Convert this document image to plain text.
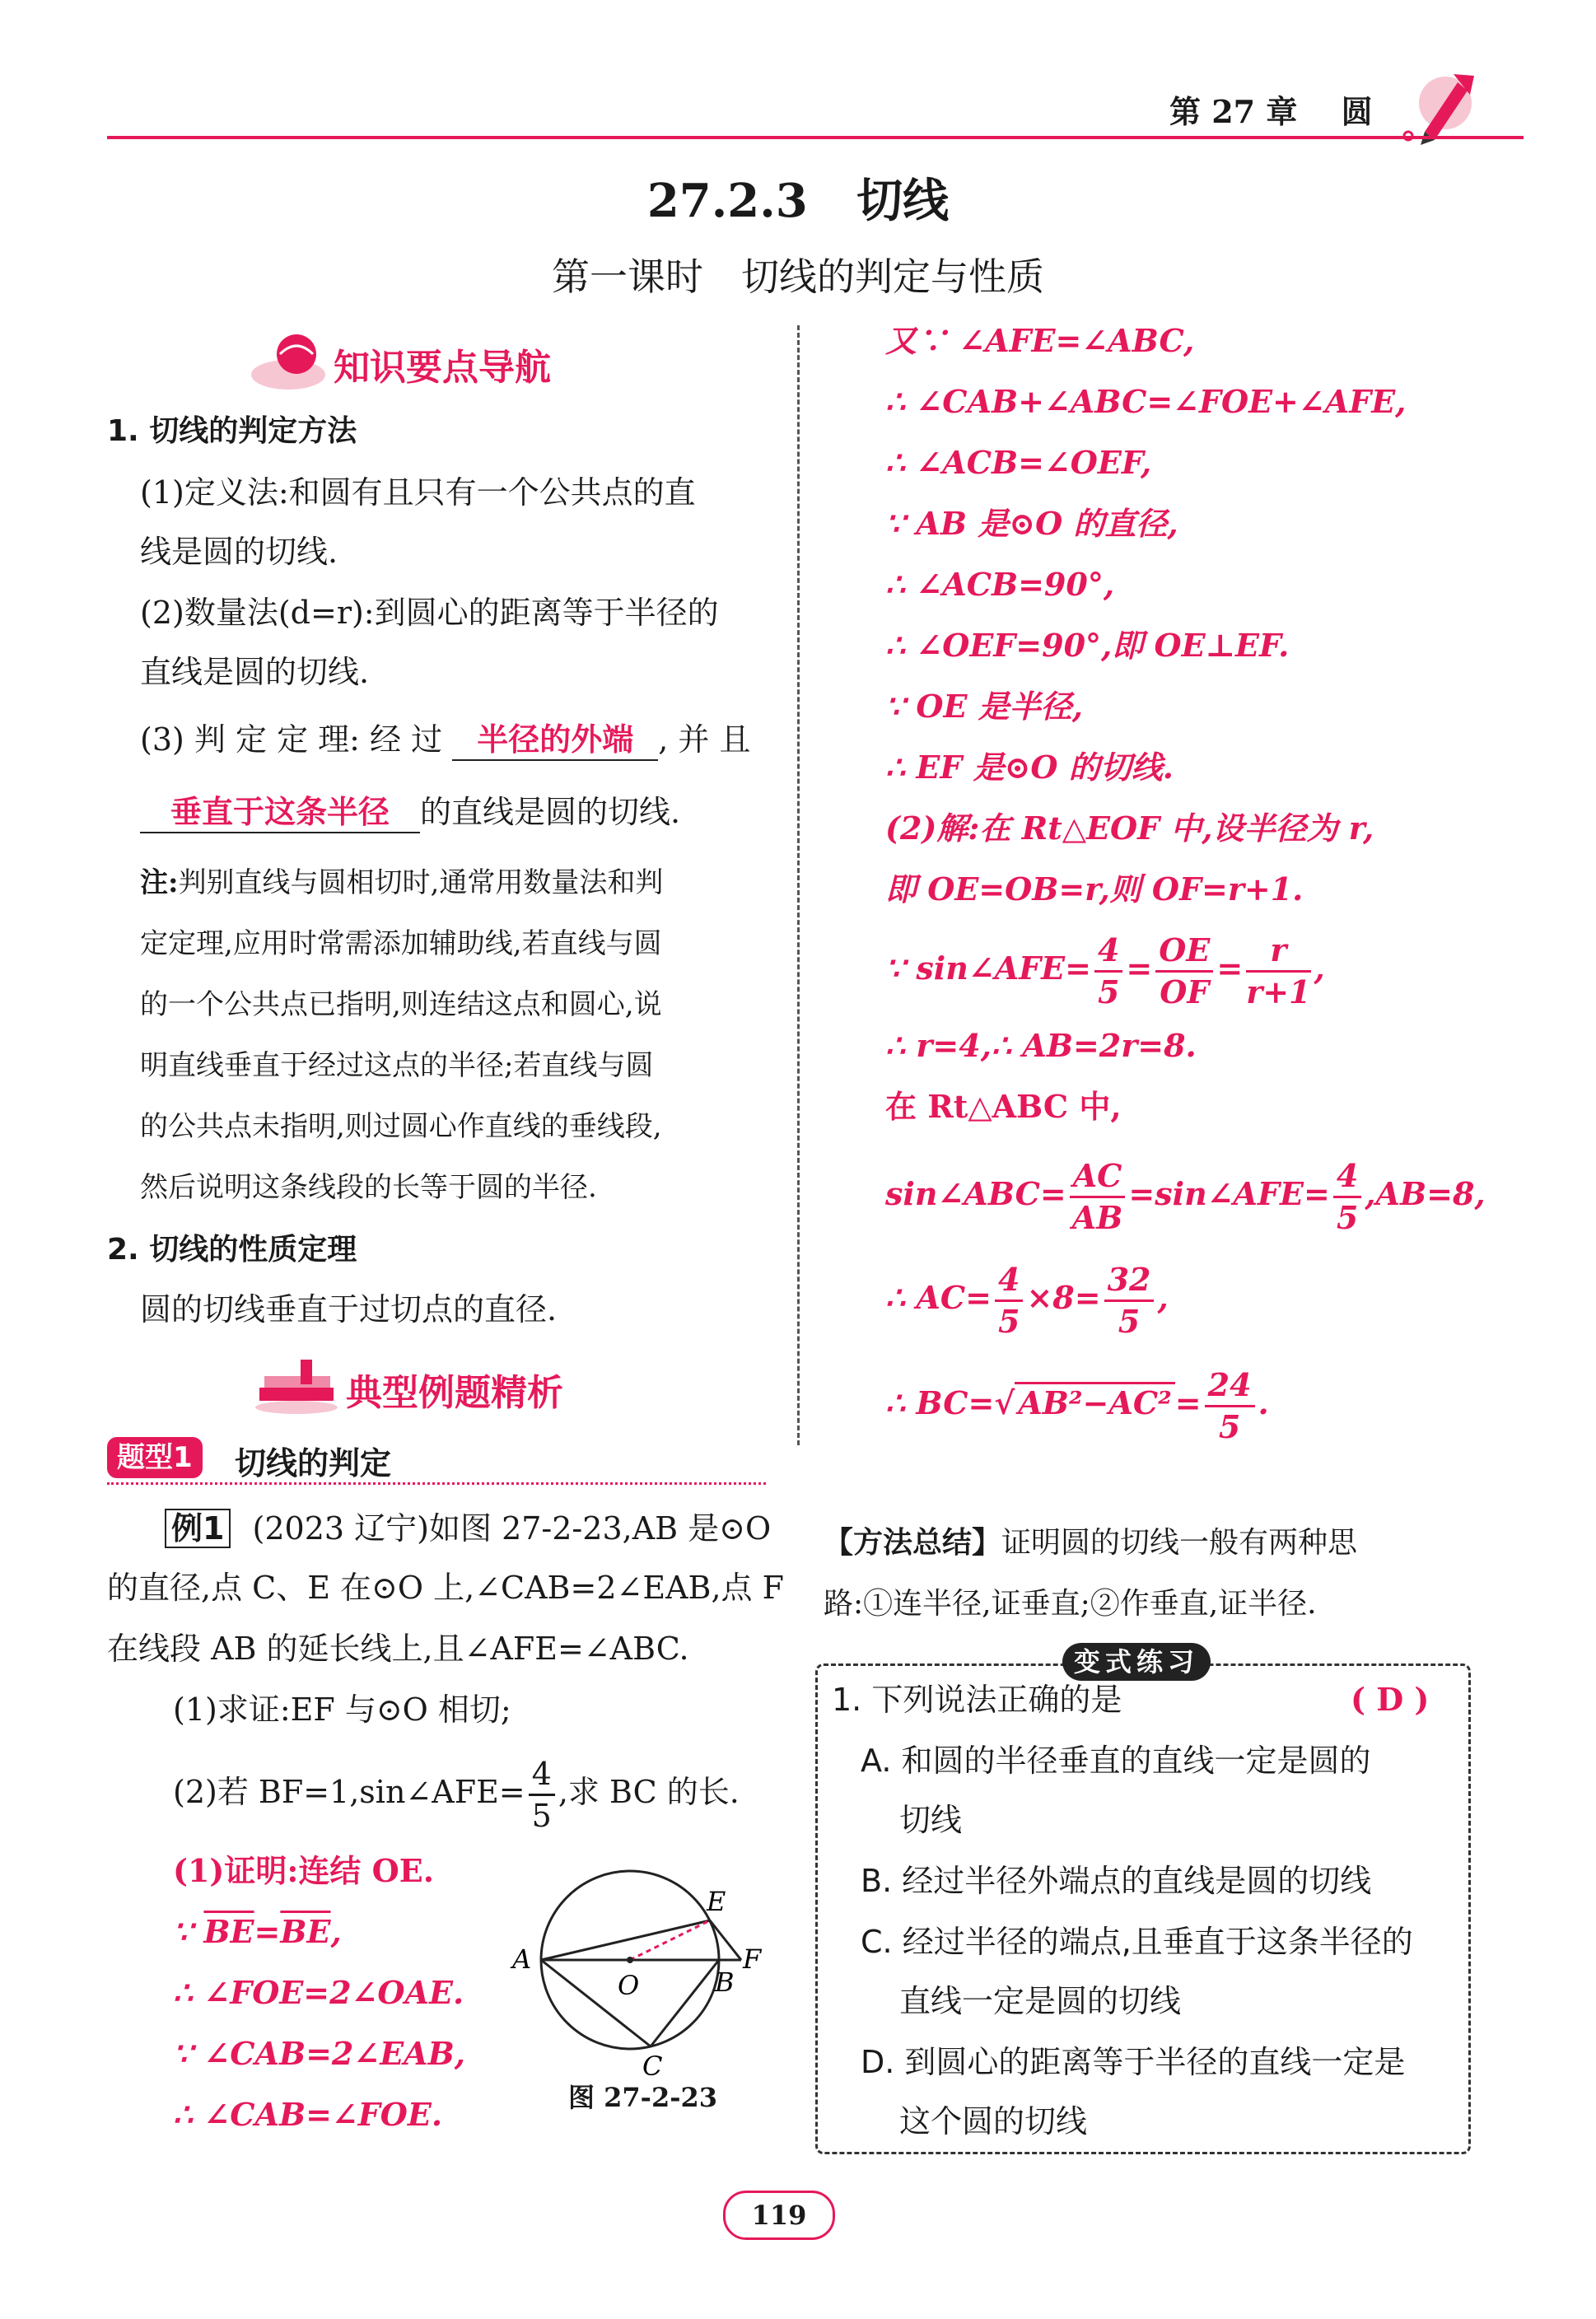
第 27 章 圆
27.2.3 切线
第一课时　切线的判定与性质
知识要点导航
1. 切线的判定方法
(1)定义法:和圆有且只有一个公共点的直
线是圆的切线.
(2)数量法(d=r):到圆心的距离等于半径的
直线是圆的切线.
(3) 判 定 定 理: 经 过 半径的外端 , 并 且
垂直于这条半径 的直线是圆的切线.
注:判别直线与圆相切时,通常用数量法和判
定定理,应用时常需添加辅助线,若直线与圆
的一个公共点已指明,则连结这点和圆心,说
明直线垂直于经过这点的半径;若直线与圆
的公共点未指明,则过圆心作直线的垂线段,
然后说明这条线段的长等于圆的半径.
2. 切线的性质定理
圆的切线垂直于过切点的直径.
典型例题精析
题型1	切线的判定
例1 (2023 辽宁)如图 27-2-23,AB 是⊙O
的直径,点 C、E 在⊙O 上,∠CAB=2∠EAB,点 F
在线段 AB 的延长线上,且∠AFE=∠ABC.
(1)求证:EF 与⊙O 相切;
(2)若 BF=1,sin∠AFE= $\frac{4}{5}$ ,求 BC 的长.
(1)证明:连结 OE.
∵ $\overline{BE}=\overline{BE}$,
∴ ∠FOE=2∠OAE.
∵ ∠CAB=2∠EAB,
∴ ∠CAB=∠FOE.
A
O	B
F
E
C
图 27-2-23
又∵ ∠AFE=∠ABC,
∴ ∠CAB+∠ABC=∠FOE+∠AFE,
∴ ∠ACB=∠OEF,
∵ AB 是⊙O 的直径,
∴ ∠ACB=90°,
∴ ∠OEF=90°,即 OE⊥EF.
∵ OE 是半径,
∴ EF 是⊙O 的切线.
(2)解:在 Rt△EOF 中,设半径为 r,
即 OE=OB=r,则 OF=r+1.
∵ sin∠AFE= $\frac{4}{5} = \frac{OE}{OF} = \frac{r}{r+1}$ ,
∴ r=4,∴ AB=2r=8.
在 Rt△ABC 中,
sin∠ABC= $\frac{AC}{AB}$ =sin∠AFE= $\frac{4}{5} ,AB=8$,
∴ $AC= \frac{4}{5} \times 8= \frac{32}{5}$ ,
∴ BC=√ $AB^2-AC^2 = \frac{24}{5}$ .
【方法总结】证明圆的切线一般有两种思
路:①连半径,证垂直;②作垂直,证半径.
变式练习
1. 下列说法正确的是	( D )
A. 和圆的半径垂直的直线一定是圆的
切线
B. 经过半径外端点的直线是圆的切线
C. 经过半径的端点,且垂直于这条半径的
直线一定是圆的切线
D. 到圆心的距离等于半径的直线一定是
这个圆的切线
119
